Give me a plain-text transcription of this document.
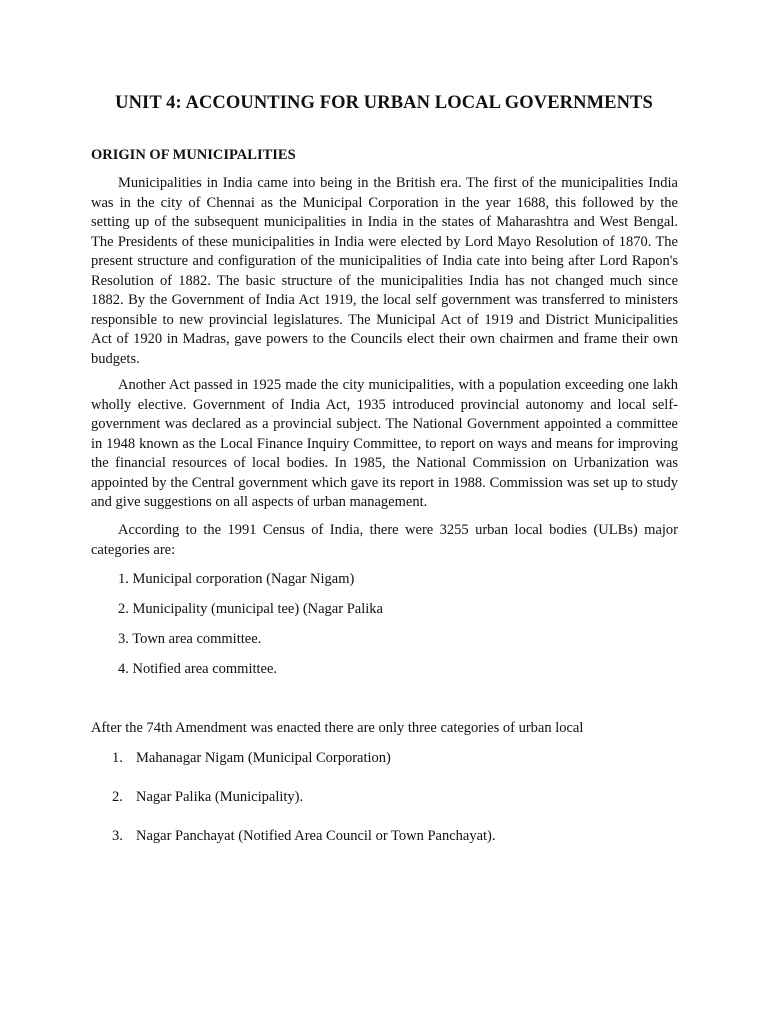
UNIT 4: ACCOUNTING FOR URBAN LOCAL GOVERNMENTS
ORIGIN OF MUNICIPALITIES

Municipalities in India came into being in the British era. The first of the municipalities India was in the city of Chennai as the Municipal Corporation in the year 1688, this followed by the setting up of the subsequent municipalities in India in the states of Maharashtra and West Bengal. The Presidents of these municipalities in India were elected by Lord Mayo Resolution of 1870. The present structure and configuration of the municipalities of India cate into being after Lord Rapon's Resolution of 1882. The basic structure of the municipalities India has not changed much since 1882. By the Government of India Act 1919, the local self government was transferred to ministers responsible to new provincial legislatures. The Municipal Act of 1919 and District Municipalities Act of 1920 in Madras, gave powers to the Councils elect their own chairmen and frame their own budgets.

Another Act passed in 1925 made the city municipalities, with a population exceeding one lakh wholly elective. Government of India Act, 1935 introduced provincial autonomy and local self-government was declared as a provincial subject. The National Government appointed a committee in 1948 known as the Local Finance Inquiry Committee, to report on ways and means for improving the financial resources of local bodies. In 1985, the National Commission on Urbanization was appointed by the Central government which gave its report in 1988. Commission was set up to study and give suggestions on all aspects of urban management.

According to the 1991 Census of India, there were 3255 urban local bodies (ULBs) major categories are:

1. Municipal corporation (Nagar Nigam)

2. Municipality (municipal tee) (Nagar Palika

3. Town area committee.

4. Notified area committee.

After the 74th Amendment was enacted there are only three categories of urban local

1. Mahanagar Nigam (Municipal Corporation)

2. Nagar Palika (Municipality).

3. Nagar Panchayat (Notified Area Council or Town Panchayat).
